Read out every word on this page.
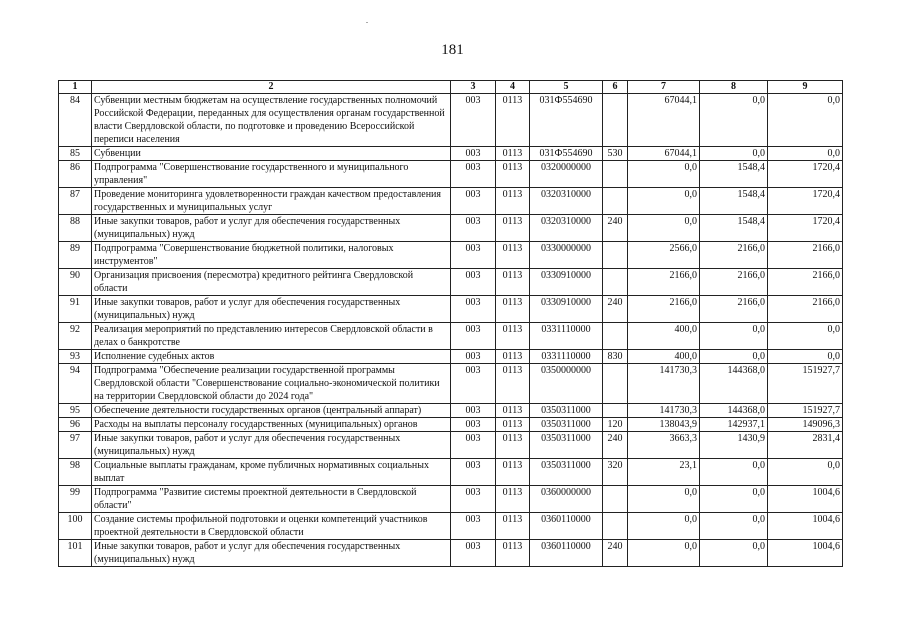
181
1	2	3	4	5	6	7	8	9
84	Субвенции местным бюджетам на осуществление государственных полномочий Российской Федерации, переданных для осуществления органам государственной власти Свердловской области, по подготовке и проведению Всероссийской переписи населения	003	0113	031Ф554690		67044,1	0,0	0,0
85	Субвенции	003	0113	031Ф554690	530	67044,1	0,0	0,0
86	Подпрограмма "Совершенствование государственного и муниципального управления"	003	0113	0320000000		0,0	1548,4	1720,4
87	Проведение мониторинга удовлетворенности граждан качеством предоставления государственных и муниципальных услуг	003	0113	0320310000		0,0	1548,4	1720,4
88	Иные закупки товаров, работ и услуг для обеспечения государственных (муниципальных) нужд	003	0113	0320310000	240	0,0	1548,4	1720,4
89	Подпрограмма "Совершенствование бюджетной политики, налоговых инструментов"	003	0113	0330000000		2566,0	2166,0	2166,0
90	Организация присвоения (пересмотра) кредитного рейтинга Свердловской области	003	0113	0330910000		2166,0	2166,0	2166,0
91	Иные закупки товаров, работ и услуг для обеспечения государственных (муниципальных) нужд	003	0113	0330910000	240	2166,0	2166,0	2166,0
92	Реализация мероприятий по представлению интересов Свердловской области в делах о банкротстве	003	0113	0331110000		400,0	0,0	0,0
93	Исполнение судебных актов	003	0113	0331110000	830	400,0	0,0	0,0
94	Подпрограмма "Обеспечение реализации государственной программы Свердловской области "Совершенствование социально-экономической политики на территории Свердловской области до 2024 года"	003	0113	0350000000		141730,3	144368,0	151927,7
95	Обеспечение деятельности государственных органов (центральный аппарат)	003	0113	0350311000		141730,3	144368,0	151927,7
96	Расходы на выплаты персоналу государственных (муниципальных) органов	003	0113	0350311000	120	138043,9	142937,1	149096,3
97	Иные закупки товаров, работ и услуг для обеспечения государственных (муниципальных) нужд	003	0113	0350311000	240	3663,3	1430,9	2831,4
98	Социальные выплаты гражданам, кроме публичных нормативных социальных выплат	003	0113	0350311000	320	23,1	0,0	0,0
99	Подпрограмма "Развитие системы проектной деятельности в Свердловской области"	003	0113	0360000000		0,0	0,0	1004,6
100	Создание системы профильной подготовки и оценки компетенций участников проектной деятельности в Свердловской области	003	0113	0360110000		0,0	0,0	1004,6
101	Иные закупки товаров, работ и услуг для обеспечения государственных (муниципальных) нужд	003	0113	0360110000	240	0,0	0,0	1004,6
